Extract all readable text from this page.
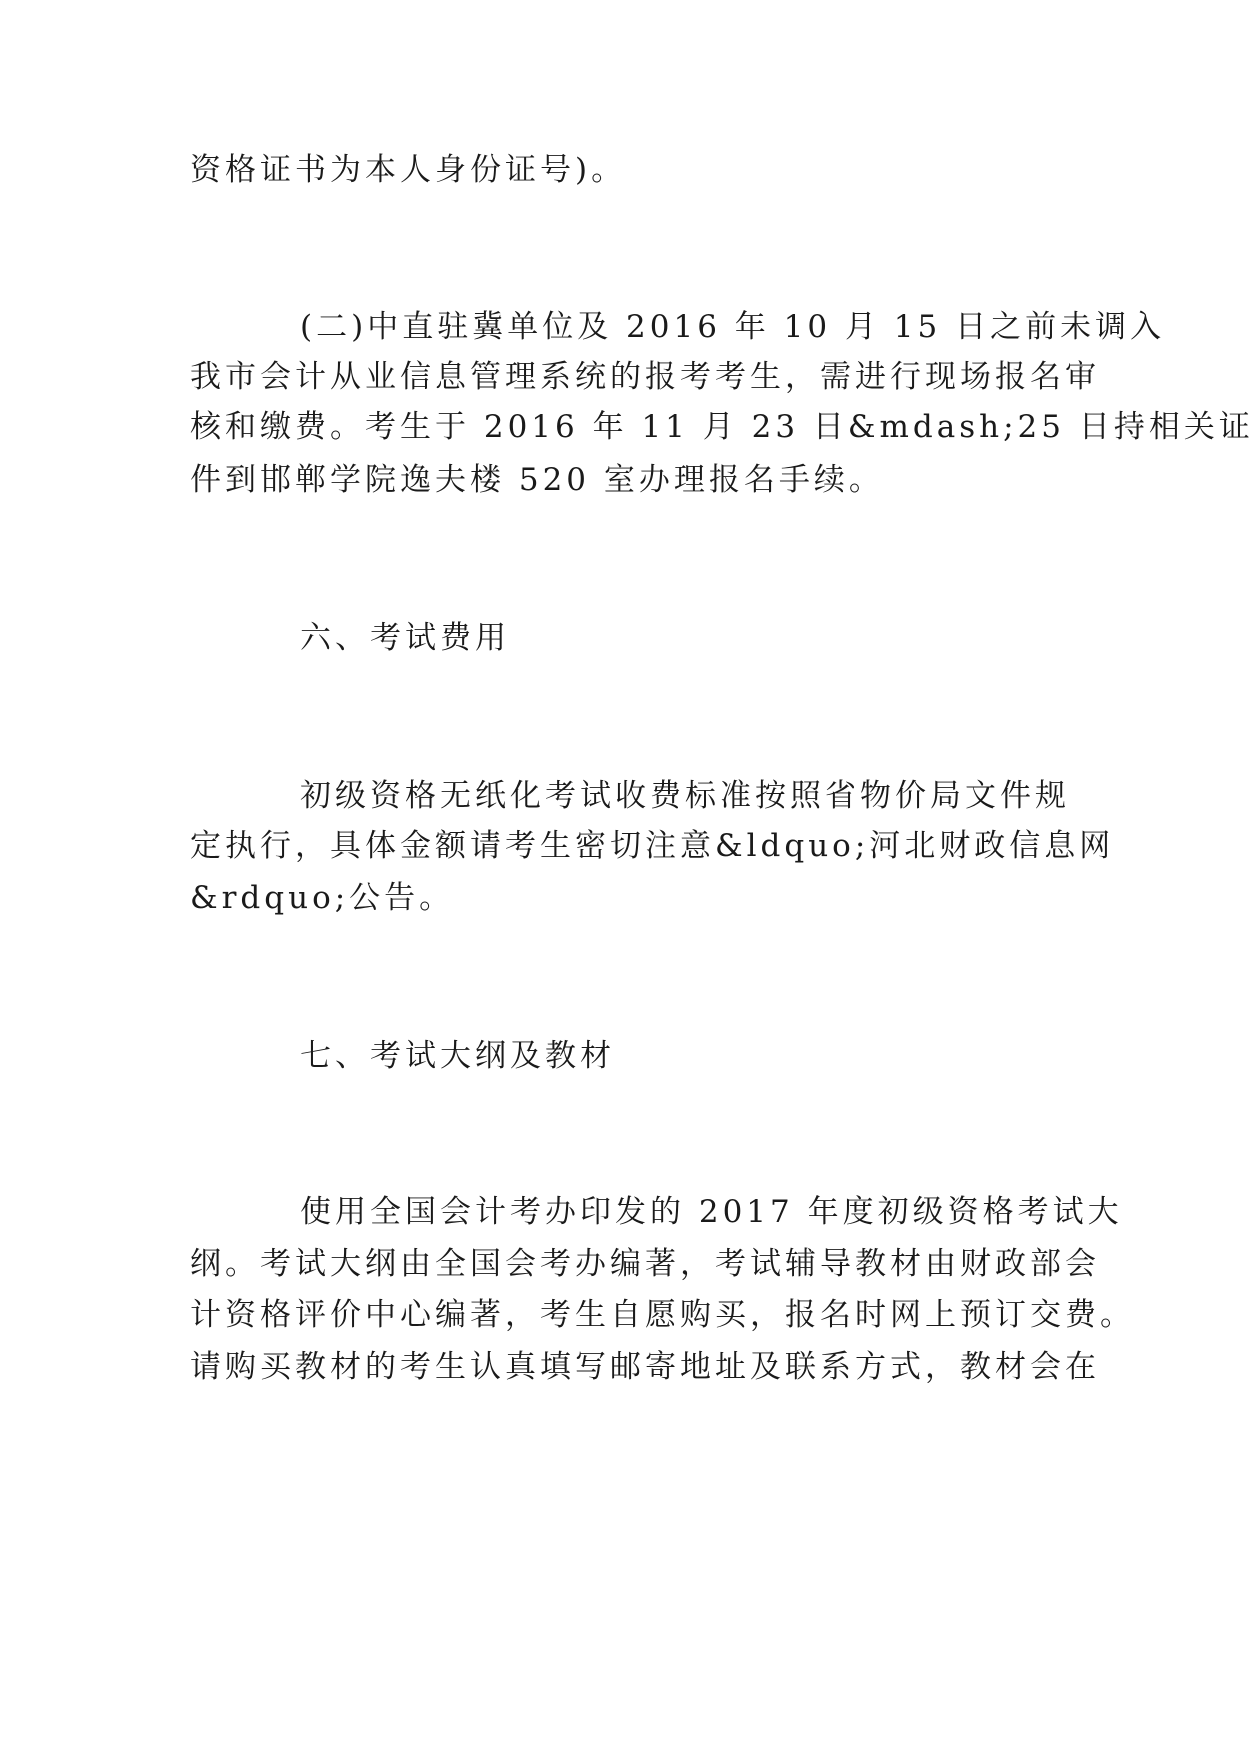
资格证书为本人身份证号)。
(二)中直驻冀单位及 2016 年 10 月 15 日之前未调入
我市会计从业信息管理系统的报考考生，需进行现场报名审
核和缴费。考生于 2016 年 11 月 23 日&mdash;25 日持相关证
件到邯郸学院逸夫楼 520 室办理报名手续。
六、考试费用
初级资格无纸化考试收费标准按照省物价局文件规
定执行，具体金额请考生密切注意&ldquo;河北财政信息网
&rdquo;公告。
七、考试大纲及教材
使用全国会计考办印发的 2017 年度初级资格考试大
纲。考试大纲由全国会考办编著，考试辅导教材由财政部会
计资格评价中心编著，考生自愿购买，报名时网上预订交费。
请购买教材的考生认真填写邮寄地址及联系方式，教材会在
